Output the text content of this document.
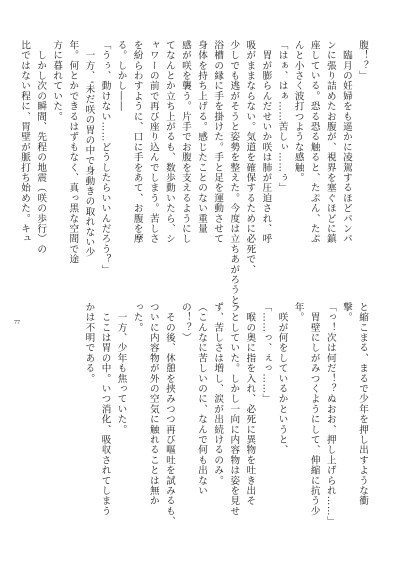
腹！？」
　臨月の妊婦をも遥かに凌駕するほどパンパ
ンに張り詰めたお腹が、視界を塞ぐほどに鎮
座している。恐る恐る触ると、たぷん、たぷ
んと小さく波打つような感触。
「はぁ、はぁ……苦しぃ……ぅ」
　胃が膨らんだせいか咲は肺が圧迫され、呼
吸がままならない。気道を確保するために必死で、
少しでも逃がそうと姿勢を整えた。今度は立ちあがろうと、
浴槽の縁に手を掛けた。手と足を運動させて
身体を持ち上げる。感じたことのない重量
感が咲を襲う。片手でお腹を支えるようにし
てなんとか立ち上がるも、数歩動いたら、シ
ャワーの前で再び座り込んでしまう。苦しさ
を紛らわすように、口に手をあて、お腹を摩
る。しかし――
「うぅ、動けない……どうしたらいいんだろう？」
　一方、'未だ咲の胃の中で身動きの取れない少
年。何とかできるはずもなく、真っ黒な空間で途
方に暮れていた。
　しかし次の瞬間、先程の地震（咲の歩行）の
比ではない程に、胃壁が脈打ち始めた。キュ
と縮こまる、まるで少年を押し出すような衝
撃。
「っ！次は何だ！？ぬおお、押し上げられ……」
　胃壁にしがみつくようにして、伸縮に抗う少
年。
　咲が何をしているかというと、
「……っ、ぇっ……」
　喉の奥に指を入れ、必死に異物を吐き出そ
うとしていた。しかし一向に内容物は姿を見せ
ず、苦しさは増し、涙が出続けるのみ。
（こんなに苦しいのに、なんで何も出ない
の！？）
　その後、休憩を挟みつつ再び嘔吐を試みるも、
ついに内容物が外の空気に触れることは無か
った。
　一方、少年も焦っていた。
　ここは胃の中。いつ消化、吸収されてしまう
かは不明である。
77
